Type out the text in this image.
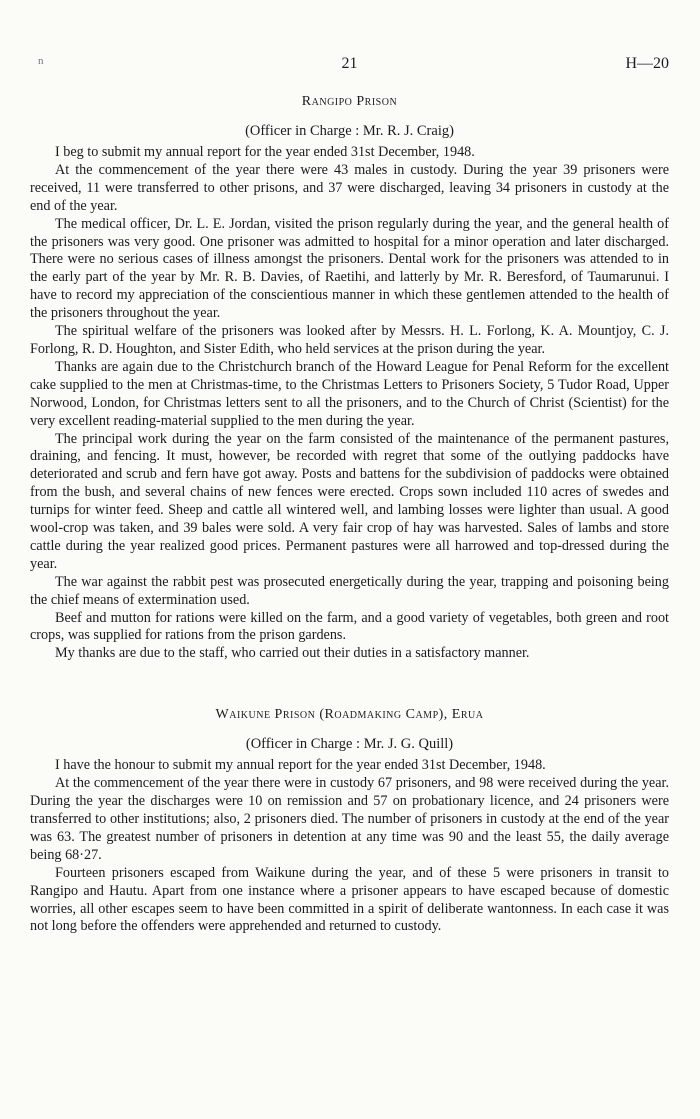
n	21	H—20
Rangipo Prison
(Officer in Charge : Mr. R. J. Craig)

I beg to submit my annual report for the year ended 31st December, 1948.

At the commencement of the year there were 43 males in custody. During the year 39 prisoners were received, 11 were transferred to other prisons, and 37 were discharged, leaving 34 prisoners in custody at the end of the year.

The medical officer, Dr. L. E. Jordan, visited the prison regularly during the year, and the general health of the prisoners was very good. One prisoner was admitted to hospital for a minor operation and later discharged. There were no serious cases of illness amongst the prisoners. Dental work for the prisoners was attended to in the early part of the year by Mr. R. B. Davies, of Raetihi, and latterly by Mr. R. Beresford, of Taumarunui. I have to record my appreciation of the conscientious manner in which these gentlemen attended to the health of the prisoners throughout the year.

The spiritual welfare of the prisoners was looked after by Messrs. H. L. Forlong, K. A. Mountjoy, C. J. Forlong, R. D. Houghton, and Sister Edith, who held services at the prison during the year.

Thanks are again due to the Christchurch branch of the Howard League for Penal Reform for the excellent cake supplied to the men at Christmas-time, to the Christmas Letters to Prisoners Society, 5 Tudor Road, Upper Norwood, London, for Christmas letters sent to all the prisoners, and to the Church of Christ (Scientist) for the very excellent reading-material supplied to the men during the year.

The principal work during the year on the farm consisted of the maintenance of the permanent pastures, draining, and fencing. It must, however, be recorded with regret that some of the outlying paddocks have deteriorated and scrub and fern have got away. Posts and battens for the subdivision of paddocks were obtained from the bush, and several chains of new fences were erected. Crops sown included 110 acres of swedes and turnips for winter feed. Sheep and cattle all wintered well, and lambing losses were lighter than usual. A good wool-crop was taken, and 39 bales were sold. A very fair crop of hay was harvested. Sales of lambs and store cattle during the year realized good prices. Permanent pastures were all harrowed and top-dressed during the year.

The war against the rabbit pest was prosecuted energetically during the year, trapping and poisoning being the chief means of extermination used.

Beef and mutton for rations were killed on the farm, and a good variety of vegetables, both green and root crops, was supplied for rations from the prison gardens.

My thanks are due to the staff, who carried out their duties in a satisfactory manner.

Waikune Prison (Roadmaking Camp), Erua
(Officer in Charge : Mr. J. G. Quill)

I have the honour to submit my annual report for the year ended 31st December, 1948.

At the commencement of the year there were in custody 67 prisoners, and 98 were received during the year. During the year the discharges were 10 on remission and 57 on probationary licence, and 24 prisoners were transferred to other institutions; also, 2 prisoners died. The number of prisoners in custody at the end of the year was 63. The greatest number of prisoners in detention at any time was 90 and the least 55, the daily average being 68·27.

Fourteen prisoners escaped from Waikune during the year, and of these 5 were prisoners in transit to Rangipo and Hautu. Apart from one instance where a prisoner appears to have escaped because of domestic worries, all other escapes seem to have been committed in a spirit of deliberate wantonness. In each case it was not long before the offenders were apprehended and returned to custody.
